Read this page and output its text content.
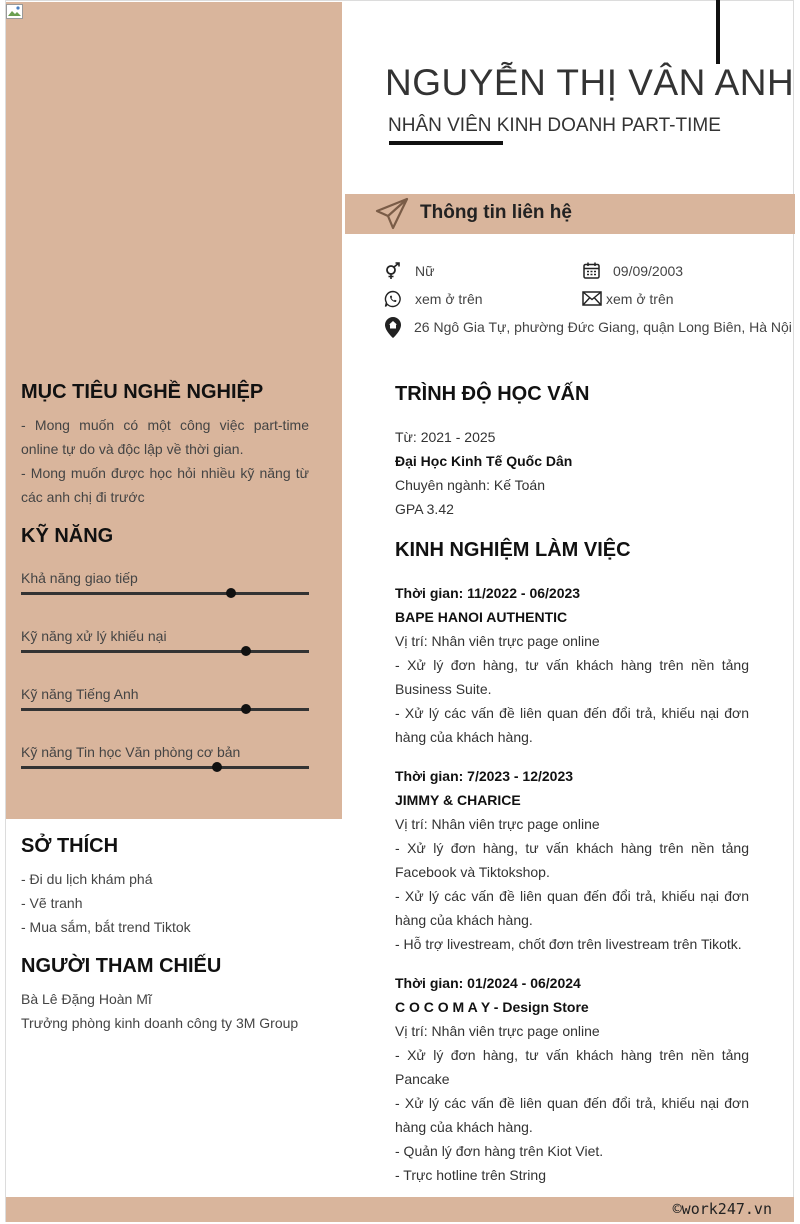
NGUYỄN THỊ VÂN ANH
NHÂN VIÊN KINH DOANH PART-TIME
Thông tin liên hệ
Nữ	09/09/2003
xem ở trên	xem ở trên
26 Ngô Gia Tự, phường Đức Giang, quận Long Biên, Hà Nội
MỤC TIÊU NGHỀ NGHIỆP
- Mong muốn có một công việc part-time online tự do và độc lập về thời gian.
- Mong muốn được học hỏi nhiều kỹ năng từ các anh chị đi trước
KỸ NĂNG
Khả năng giao tiếp
Kỹ năng xử lý khiếu nại
Kỹ năng Tiếng Anh
Kỹ năng Tin học Văn phòng cơ bản
SỞ THÍCH
- Đi du lịch khám phá
- Vẽ tranh
- Mua sắm, bắt trend Tiktok
NGƯỜI THAM CHIẾU
Bà Lê Đặng Hoàn Mĩ
Trưởng phòng kinh doanh công ty 3M Group
TRÌNH ĐỘ HỌC VẤN
Từ: 2021 - 2025
Đại Học Kinh Tế Quốc Dân
Chuyên ngành: Kế Toán
GPA 3.42
KINH NGHIỆM LÀM VIỆC
Thời gian: 11/2022 - 06/2023
BAPE HANOI AUTHENTIC
Vị trí: Nhân viên trực page online
- Xử lý đơn hàng, tư vấn khách hàng trên nền tảng Business Suite.
- Xử lý các vấn đề liên quan đến đổi trả, khiếu nại đơn hàng của khách hàng.
Thời gian: 7/2023 - 12/2023
JIMMY & CHARICE
Vị trí: Nhân viên trực page online
- Xử lý đơn hàng, tư vấn khách hàng trên nền tảng Facebook và Tiktokshop.
- Xử lý các vấn đề liên quan đến đổi trả, khiếu nại đơn hàng của khách hàng.
- Hỗ trợ livestream, chốt đơn trên livestream trên Tikotk.
Thời gian: 01/2024 - 06/2024
C O C O M A Y - Design Store
Vị trí: Nhân viên trực page online
- Xử lý đơn hàng, tư vấn khách hàng trên nền tảng Pancake
- Xử lý các vấn đề liên quan đến đổi trả, khiếu nại đơn hàng của khách hàng.
- Quản lý đơn hàng trên Kiot Viet.
- Trực hotline trên String
©work247.vn
